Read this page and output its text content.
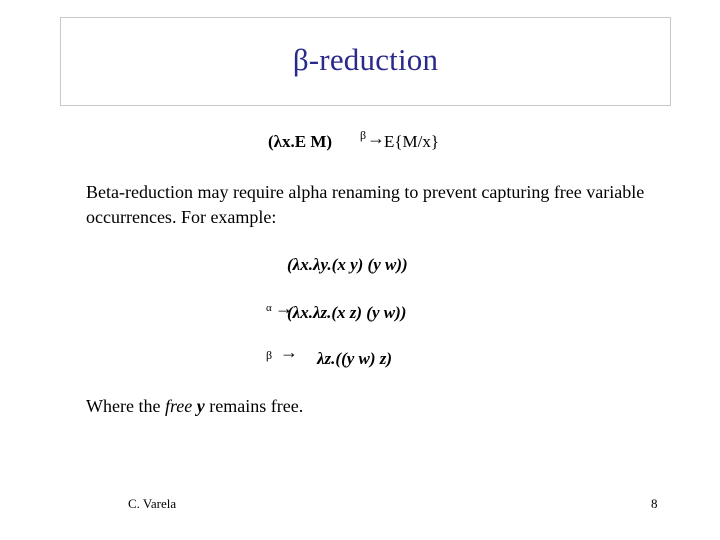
β-reduction
(λx.E M) β → E{M/x}
Beta-reduction may require alpha renaming to prevent capturing free variable occurrences. For example:
(λx.λy.(x y) (y w))
α →
(λx.λz.(x z) (y w))
β → λz.((y w) z)
Where the free y remains free.
C. Varela	8
